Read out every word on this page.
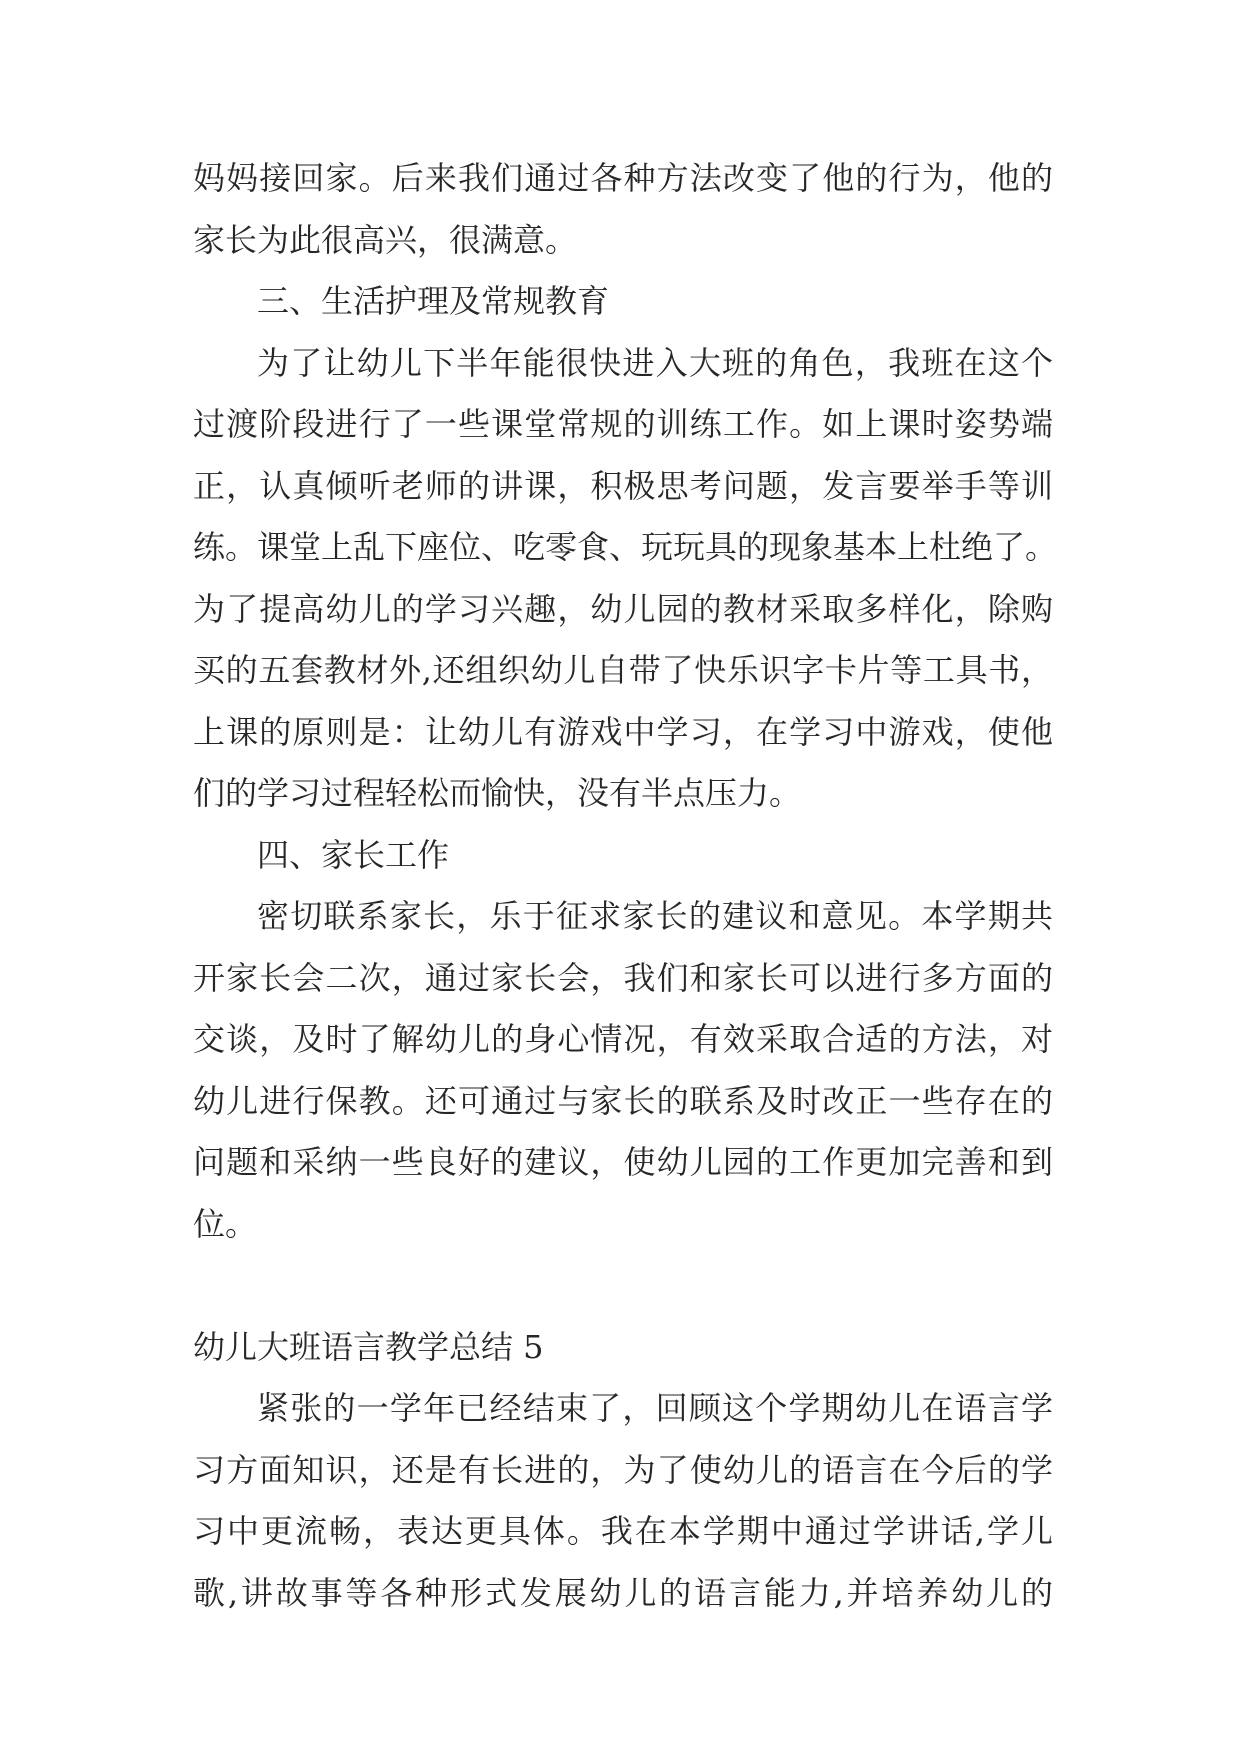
妈妈接回家。后来我们通过各种方法改变了他的行为，他的
家长为此很高兴，很满意。
三、生活护理及常规教育
为了让幼儿下半年能很快进入大班的角色，我班在这个
过渡阶段进行了一些课堂常规的训练工作。如上课时姿势端
正，认真倾听老师的讲课，积极思考问题，发言要举手等训
练。课堂上乱下座位、吃零食、玩玩具的现象基本上杜绝了。
为了提高幼儿的学习兴趣，幼儿园的教材采取多样化，除购
买的五套教材外,还组织幼儿自带了快乐识字卡片等工具书，
上课的原则是：让幼儿有游戏中学习，在学习中游戏，使他
们的学习过程轻松而愉快，没有半点压力。
四、家长工作
密切联系家长，乐于征求家长的建议和意见。本学期共
开家长会二次，通过家长会，我们和家长可以进行多方面的
交谈，及时了解幼儿的身心情况，有效采取合适的方法，对
幼儿进行保教。还可通过与家长的联系及时改正一些存在的
问题和采纳一些良好的建议，使幼儿园的工作更加完善和到
位。
幼儿大班语言教学总结 5
紧张的一学年已经结束了，回顾这个学期幼儿在语言学
习方面知识，还是有长进的，为了使幼儿的语言在今后的学
习中更流畅，表达更具体。我在本学期中通过学讲话,学儿
歌,讲故事等各种形式发展幼儿的语言能力,并培养幼儿的
